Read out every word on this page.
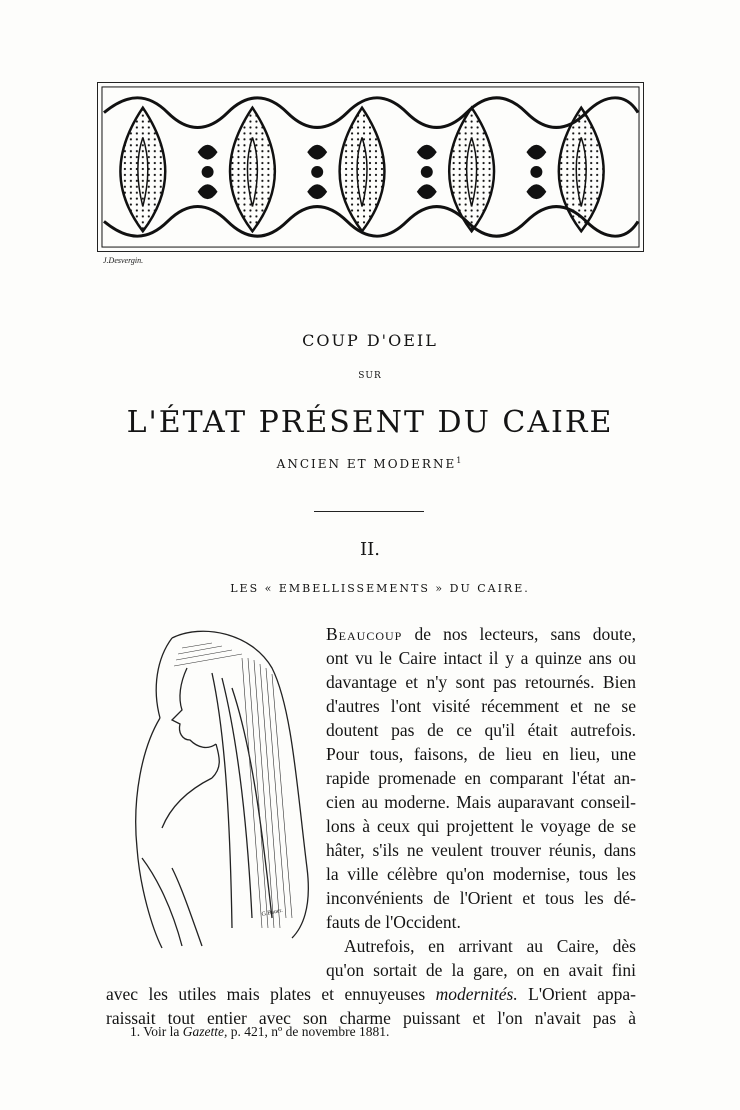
J.Desvergin.
COUP D'OEIL
SUR
L'ÉTAT PRÉSENT DU CAIRE
ANCIEN ET MODERNE$^1$
II.
LES « EMBELLISSEMENTS » DU CAIRE.
G.Bauer.
Beaucoup de nos lecteurs, sans doute,
ont vu le Caire intact il y a quinze ans ou
davantage et n'y sont pas retournés. Bien
d'autres l'ont visité récemment et ne se
doutent pas de ce qu'il était autrefois.
Pour tous, faisons, de lieu en lieu, une
rapide promenade en comparant l'état an-
cien au moderne. Mais auparavant conseil-
lons à ceux qui projettent le voyage de se
hâter, s'ils ne veulent trouver réunis, dans
la ville célèbre qu'on modernise, tous les
inconvénients de l'Orient et tous les dé-
fauts de l'Occident.
Autrefois, en arrivant au Caire, dès
qu'on sortait de la gare, on en avait fini
avec les utiles mais plates et ennuyeuses modernités. L'Orient appa-
raissait tout entier avec son charme puissant et l'on n'avait pas à
1. Voir la Gazette, p. 421, nº de novembre 1881.
